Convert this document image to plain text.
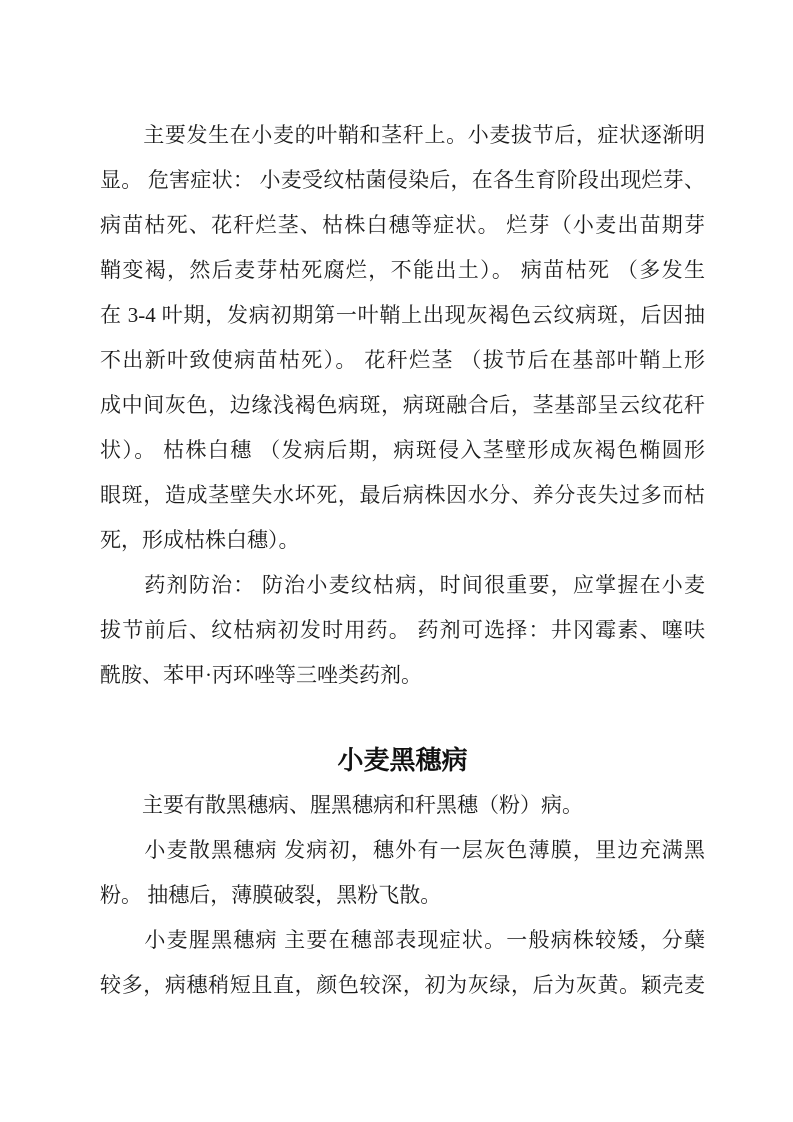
　　主要发生在小麦的叶鞘和茎秆上。小麦拔节后，症状逐渐明
显。 危害症状： 小麦受纹枯菌侵染后，在各生育阶段出现烂芽、
病苗枯死、花秆烂茎、枯株白穗等症状。 烂芽（小麦出苗期芽
鞘变褐，然后麦芽枯死腐烂，不能出土）。 病苗枯死 （多发生
在 3-4 叶期，发病初期第一叶鞘上出现灰褐色云纹病斑，后因抽
不出新叶致使病苗枯死）。 花秆烂茎 （拔节后在基部叶鞘上形
成中间灰色，边缘浅褐色病斑，病斑融合后，茎基部呈云纹花秆
状）。 枯株白穗 （发病后期，病斑侵入茎壁形成灰褐色椭圆形
眼斑，造成茎壁失水坏死，最后病株因水分、养分丧失过多而枯
死，形成枯株白穗）。
　　药剂防治： 防治小麦纹枯病，时间很重要，应掌握在小麦
拔节前后、纹枯病初发时用药。 药剂可选择：井冈霉素、噻呋
酰胺、苯甲·丙环唑等三唑类药剂。
小麦黑穗病
　　主要有散黑穗病、腥黑穗病和秆黑穗（粉）病。
　　小麦散黑穗病 发病初，穗外有一层灰色薄膜，里边充满黑
粉。 抽穗后，薄膜破裂，黑粉飞散。
　　小麦腥黑穗病 主要在穗部表现症状。一般病株较矮，分蘖
较多，病穗稍短且直，颜色较深，初为灰绿，后为灰黄。颖壳麦
